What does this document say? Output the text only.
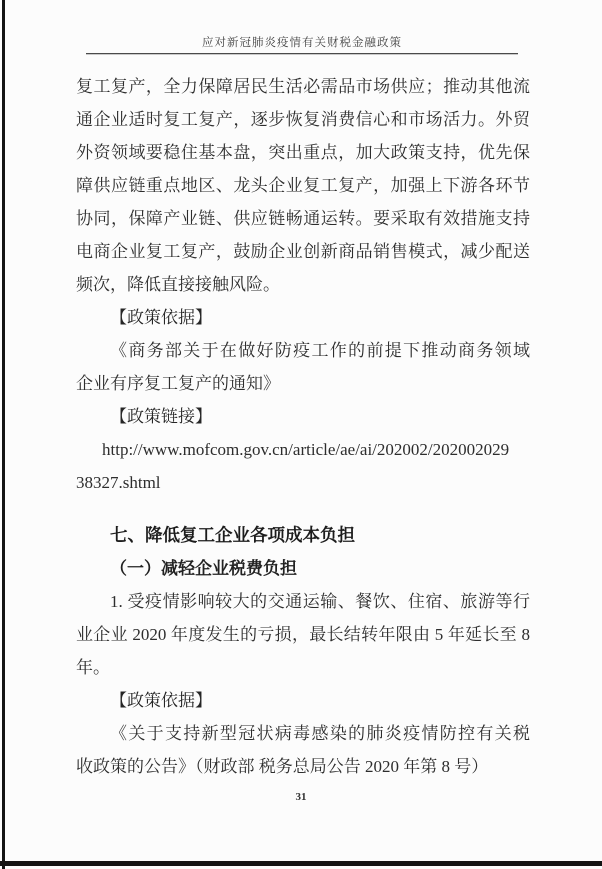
应对新冠肺炎疫情有关财税金融政策
复工复产，全力保障居民生活必需品市场供应；推动其他流
通企业适时复工复产，逐步恢复消费信心和市场活力。外贸
外资领域要稳住基本盘，突出重点，加大政策支持，优先保
障供应链重点地区、龙头企业复工复产，加强上下游各环节
协同，保障产业链、供应链畅通运转。要采取有效措施支持
电商企业复工复产，鼓励企业创新商品销售模式，减少配送
频次，降低直接接触风险。
【政策依据】
《商务部关于在做好防疫工作的前提下推动商务领域
企业有序复工复产的通知》
【政策链接】
http://www.mofcom.gov.cn/article/ae/ai/202002/202002029
38327.shtml
七、降低复工企业各项成本负担
（一）减轻企业税费负担
1. 受疫情影响较大的交通运输、餐饮、住宿、旅游等行
业企业 2020 年度发生的亏损，最长结转年限由 5 年延长至 8
年。
【政策依据】
《关于支持新型冠状病毒感染的肺炎疫情防控有关税
收政策的公告》（财政部 税务总局公告 2020 年第 8 号）
31
